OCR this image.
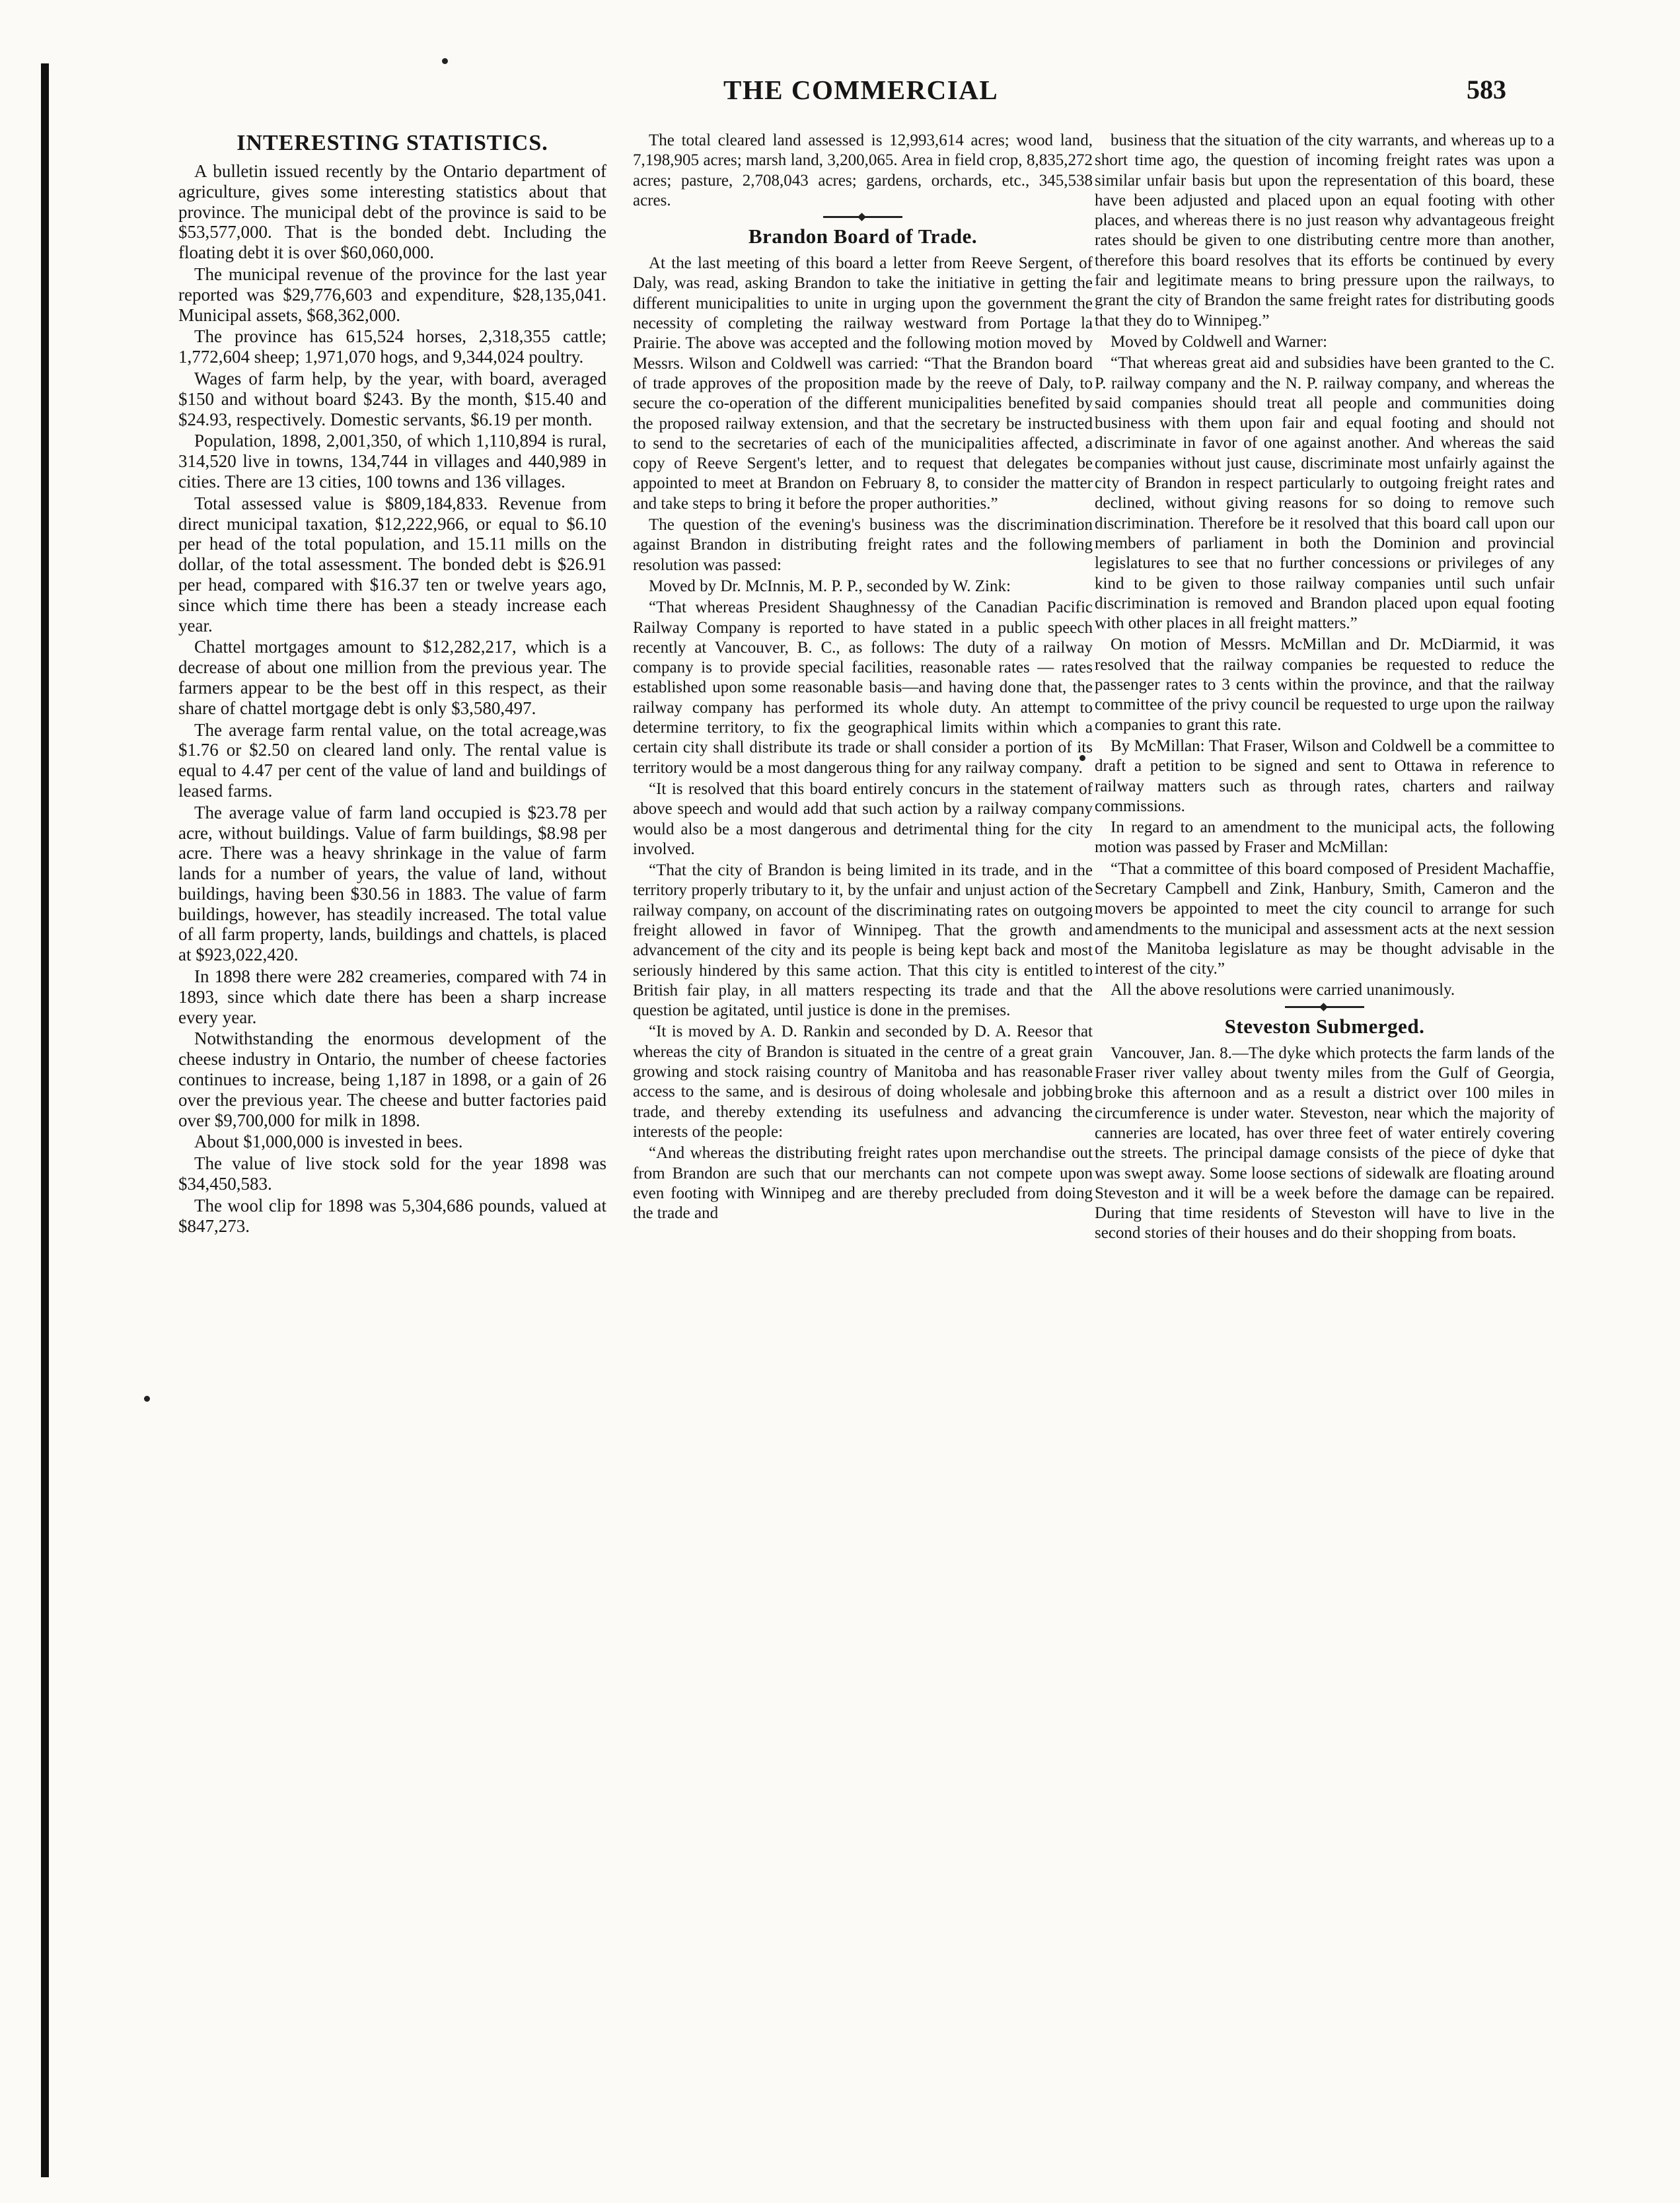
THE COMMERCIAL	583
INTERESTING STATISTICS.

A bulletin issued recently by the Ontario department of agriculture, gives some interesting statistics about that province. The municipal debt of the province is said to be $53,577,000. That is the bonded debt. Including the floating debt it is over $60,060,000.

The municipal revenue of the province for the last year reported was $29,776,603 and expenditure, $28,135,041. Municipal assets, $68,362,000.

The province has 615,524 horses, 2,318,355 cattle; 1,772,604 sheep; 1,971,070 hogs, and 9,344,024 poultry.

Wages of farm help, by the year, with board, averaged $150 and without board $243. By the month, $15.40 and $24.93, respectively. Domestic servants, $6.19 per month.

Population, 1898, 2,001,350, of which 1,110,894 is rural, 314,520 live in towns, 134,744 in villages and 440,989 in cities. There are 13 cities, 100 towns and 136 villages.

Total assessed value is $809,184,833. Revenue from direct municipal taxation, $12,222,966, or equal to $6.10 per head of the total population, and 15.11 mills on the dollar, of the total assessment. The bonded debt is $26.91 per head, compared with $16.37 ten or twelve years ago, since which time there has been a steady increase each year.

Chattel mortgages amount to $12,282,217, which is a decrease of about one million from the previous year. The farmers appear to be the best off in this respect, as their share of chattel mortgage debt is only $3,580,497.

The average farm rental value, on the total acreage,was $1.76 or $2.50 on cleared land only. The rental value is equal to 4.47 per cent of the value of land and buildings of leased farms.

The average value of farm land occupied is $23.78 per acre, without buildings. Value of farm buildings, $8.98 per acre. There was a heavy shrinkage in the value of farm lands for a number of years, the value of land, without buildings, having been $30.56 in 1883. The value of farm buildings, however, has steadily increased. The total value of all farm property, lands, buildings and chattels, is placed at $923,022,420.

In 1898 there were 282 creameries, compared with 74 in 1893, since which date there has been a sharp increase every year.

Notwithstanding the enormous development of the cheese industry in Ontario, the number of cheese factories continues to increase, being 1,187 in 1898, or a gain of 26 over the previous year. The cheese and butter factories paid over $9,700,000 for milk in 1898.

About $1,000,000 is invested in bees.

The value of live stock sold for the year 1898 was $34,450,583.

The wool clip for 1898 was 5,304,686 pounds, valued at $847,273.

The total cleared land assessed is 12,993,614 acres; wood land, 7,198,905 acres; marsh land, 3,200,065. Area in field crop, 8,835,272 acres; pasture, 2,708,043 acres; gardens, orchards, etc., 345,538 acres.

Brandon Board of Trade.

At the last meeting of this board a letter from Reeve Sergent, of Daly, was read, asking Brandon to take the initiative in getting the different municipalities to unite in urging upon the government the necessity of completing the railway westward from Portage la Prairie. The above was accepted and the following motion moved by Messrs. Wilson and Coldwell was carried: “That the Brandon board of trade approves of the proposition made by the reeve of Daly, to secure the co-operation of the different municipalities benefited by the proposed railway extension, and that the secretary be instructed to send to the secretaries of each of the municipalities affected, a copy of Reeve Sergent's letter, and to request that delegates be appointed to meet at Brandon on February 8, to consider the matter and take steps to bring it before the proper authorities.”

The question of the evening's business was the discrimination against Brandon in distributing freight rates and the following resolution was passed:

Moved by Dr. McInnis, M. P. P., seconded by W. Zink:

“That whereas President Shaughnessy of the Canadian Pacific Railway Company is reported to have stated in a public speech recently at Vancouver, B. C., as follows: The duty of a railway company is to provide special facilities, reasonable rates — rates established upon some reasonable basis—and having done that, the railway company has performed its whole duty. An attempt to determine territory, to fix the geographical limits within which a certain city shall distribute its trade or shall consider a portion of its territory would be a most dangerous thing for any railway company.

“It is resolved that this board entirely concurs in the statement of above speech and would add that such action by a railway company would also be a most dangerous and detrimental thing for the city involved.

“That the city of Brandon is being limited in its trade, and in the territory properly tributary to it, by the unfair and unjust action of the railway company, on account of the discriminating rates on outgoing freight allowed in favor of Winnipeg. That the growth and advancement of the city and its people is being kept back and most seriously hindered by this same action. That this city is entitled to British fair play, in all matters respecting its trade and that the question be agitated, until justice is done in the premises.

“It is moved by A. D. Rankin and seconded by D. A. Reesor that whereas the city of Brandon is situated in the centre of a great grain growing and stock raising country of Manitoba and has reasonable access to the same, and is desirous of doing wholesale and jobbing trade, and thereby extending its usefulness and advancing the interests of the people:

“And whereas the distributing freight rates upon merchandise out from Brandon are such that our merchants can not compete upon even footing with Winnipeg and are thereby precluded from doing the trade and

business that the situation of the city warrants, and whereas up to a short time ago, the question of incoming freight rates was upon a similar unfair basis but upon the representation of this board, these have been adjusted and placed upon an equal footing with other places, and whereas there is no just reason why advantageous freight rates should be given to one distributing centre more than another, therefore this board resolves that its efforts be continued by every fair and legitimate means to bring pressure upon the railways, to grant the city of Brandon the same freight rates for distributing goods that they do to Winnipeg.”

Moved by Coldwell and Warner:

“That whereas great aid and subsidies have been granted to the C. P. railway company and the N. P. railway company, and whereas the said companies should treat all people and communities doing business with them upon fair and equal footing and should not discriminate in favor of one against another. And whereas the said companies without just cause, discriminate most unfairly against the city of Brandon in respect particularly to outgoing freight rates and declined, without giving reasons for so doing to remove such discrimination. Therefore be it resolved that this board call upon our members of parliament in both the Dominion and provincial legislatures to see that no further concessions or privileges of any kind to be given to those railway companies until such unfair discrimination is removed and Brandon placed upon equal footing with other places in all freight matters.”

On motion of Messrs. McMillan and Dr. McDiarmid, it was resolved that the railway companies be requested to reduce the passenger rates to 3 cents within the province, and that the railway committee of the privy council be requested to urge upon the railway companies to grant this rate.

By McMillan: That Fraser, Wilson and Coldwell be a committee to draft a petition to be signed and sent to Ottawa in reference to railway matters such as through rates, charters and railway commissions.

In regard to an amendment to the municipal acts, the following motion was passed by Fraser and McMillan:

“That a committee of this board composed of President Machaffie, Secretary Campbell and Zink, Hanbury, Smith, Cameron and the movers be appointed to meet the city council to arrange for such amendments to the municipal and assessment acts at the next session of the Manitoba legislature as may be thought advisable in the interest of the city.”

All the above resolutions were carried unanimously.

Steveston Submerged.

Vancouver, Jan. 8.—The dyke which protects the farm lands of the Fraser river valley about twenty miles from the Gulf of Georgia, broke this afternoon and as a result a district over 100 miles in circumference is under water. Steveston, near which the majority of canneries are located, has over three feet of water entirely covering the streets. The principal damage consists of the piece of dyke that was swept away. Some loose sections of sidewalk are floating around Steveston and it will be a week before the damage can be repaired. During that time residents of Steveston will have to live in the second stories of their houses and do their shopping from boats.
